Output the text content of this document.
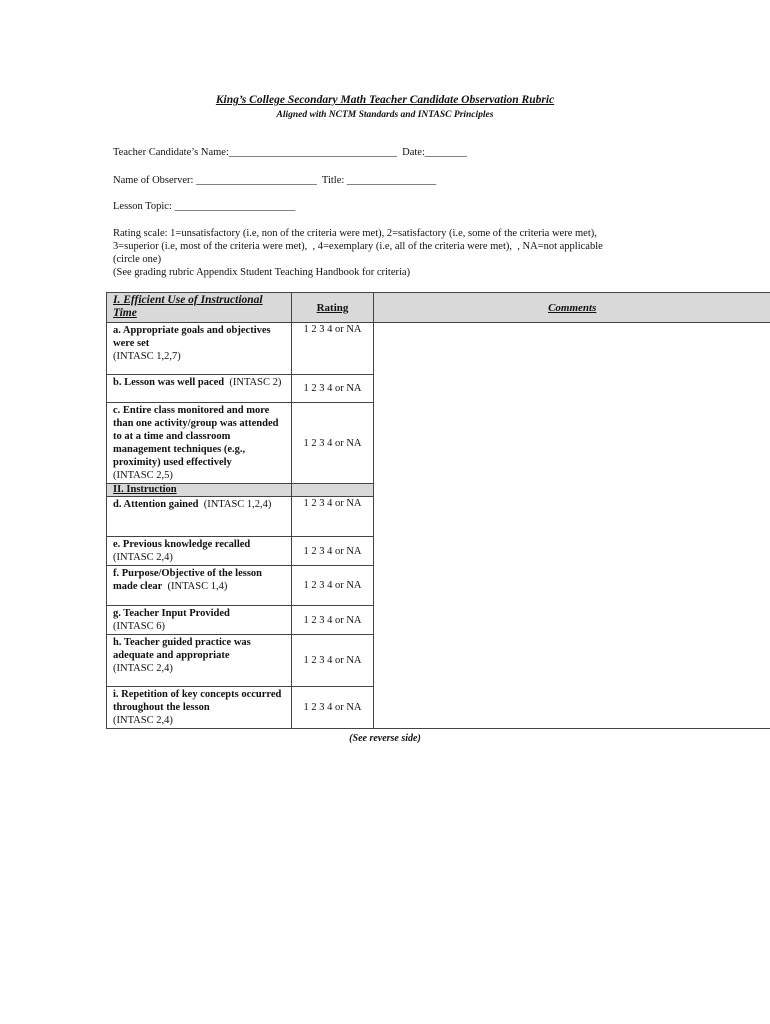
King’s College Secondary Math Teacher Candidate Observation Rubric
Aligned with NCTM Standards and INTASC Principles
Teacher Candidate’s Name:________________________________  Date:________
Name of Observer: _______________________  Title: _________________
Lesson Topic: _______________________
Rating scale: 1=unsatisfactory (i.e, non of the criteria were met), 2=satisfactory (i.e, some of the criteria were met),
3=superior (i.e, most of the criteria were met),  , 4=exemplary (i.e, all of the criteria were met),  , NA=not applicable
(circle one)
(See grading rubric Appendix Student Teaching Handbook for criteria)
I. Efficient Use of Instructional Time	Rating	Comments
a. Appropriate goals and objectives were set
(INTASC 1,2,7)	1 2 3 4 or NA	
b. Lesson was well paced (INTASC 2)	1 2 3 4 or NA	
c. Entire class monitored and more than one activity/group was attended to at a time and classroom management techniques (e.g., proximity) used effectively
(INTASC 2,5)	1 2 3 4 or NA	
II. Instruction		
d. Attention gained (INTASC 1,2,4)	1 2 3 4 or NA	
e. Previous knowledge recalled
(INTASC 2,4)	1 2 3 4 or NA	
f. Purpose/Objective of the lesson made clear (INTASC 1,4)	1 2 3 4 or NA	
g. Teacher Input Provided
(INTASC 6)	1 2 3 4 or NA	
h. Teacher guided practice was adequate and appropriate
(INTASC 2,4)	1 2 3 4 or NA	
i. Repetition of key concepts occurred throughout the lesson
(INTASC 2,4)	1 2 3 4 or NA	
(See reverse side)
